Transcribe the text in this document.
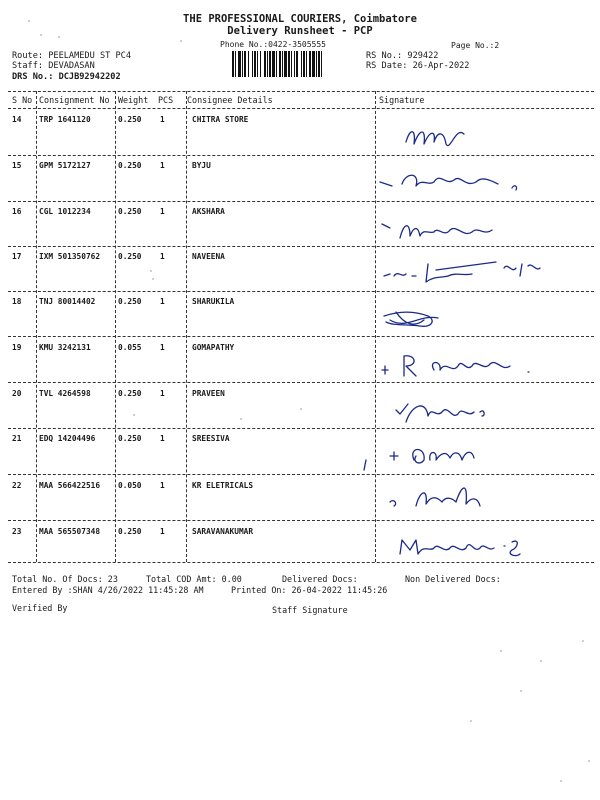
THE PROFESSIONAL COURIERS, Coimbatore
Delivery Runsheet - PCP
Phone No.:0422-3505555	Page No.:2
Route: PEELAMEDU ST PC4
Staff: DEVADASAN
DRS No.: DCJB92942202
RS No.: 929422
RS Date: 26-Apr-2022
S No Consignment No Weight PCS Consignee Details	Signature
14 TRP 1641120	0.250 1	CHITRA STORE
15 GPM 5172127	0.250 1	BYJU
16 CGL 1012234	0.250 1	AKSHARA
17 IXM 501350762 0.250 1	NAVEENA
18 TNJ 80014402	0.250 1	SHARUKILA
19 KMU 3242131	0.055 1	GOMAPATHY
20 TVL 4264598	0.250 1	PRAVEEN
21 EDQ 14204496	0.250 1	SREESIVA
22 MAA 566422516 0.050 1	KR ELETRICALS
23 MAA 565507348 0.250 1	SARAVANAKUMAR
Total No. Of Docs: 23	Total COD Amt: 0.00	Delivered Docs:	Non Delivered Docs:
Entered By :SHAN 4/26/2022 11:45:28 AM	Printed On: 26-04-2022 11:45:26
Verified By	Staff Signature
